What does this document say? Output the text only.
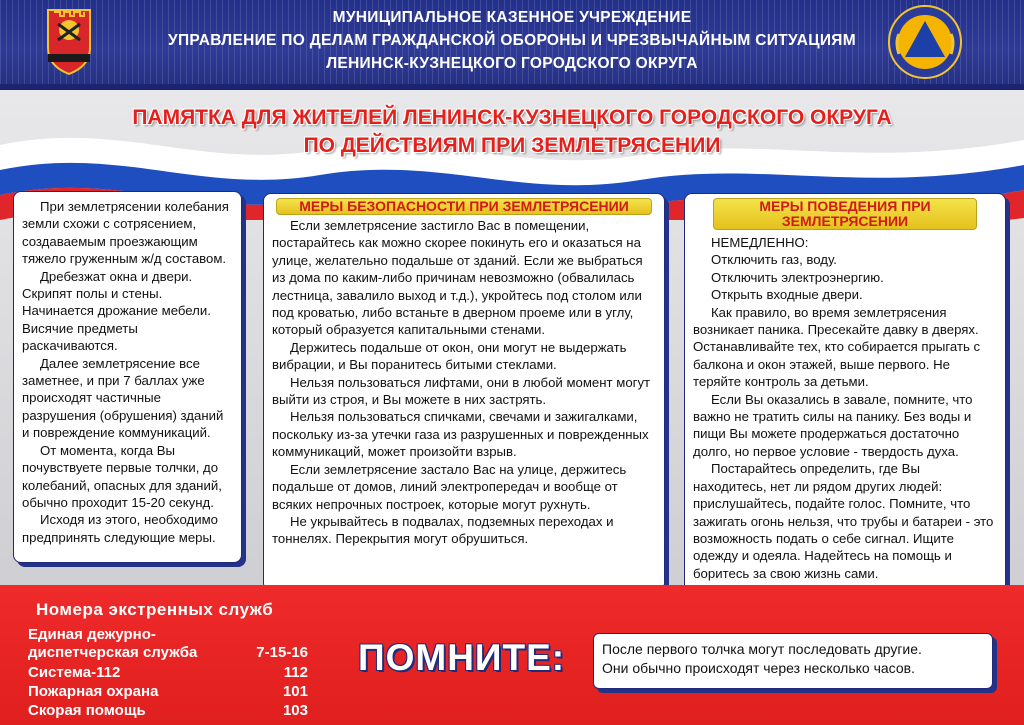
МУНИЦИПАЛЬНОЕ КАЗЕННОЕ УЧРЕЖДЕНИЕ
УПРАВЛЕНИЕ ПО ДЕЛАМ ГРАЖДАНСКОЙ ОБОРОНЫ И ЧРЕЗВЫЧАЙНЫМ СИТУАЦИЯМ
ЛЕНИНСК-КУЗНЕЦКОГО ГОРОДСКОГО ОКРУГА
ПАМЯТКА ДЛЯ ЖИТЕЛЕЙ ЛЕНИНСК-КУЗНЕЦКОГО ГОРОДСКОГО ОКРУГА
ПО ДЕЙСТВИЯМ ПРИ ЗЕМЛЕТРЯСЕНИИ

При землетрясении колебания земли схожи с сотрясением, создаваемым проезжающим тяжело груженным ж/д составом.

Дребезжат окна и двери. Скрипят полы и стены. Начинается дрожание мебели. Висячие предметы раскачиваются.

Далее землетрясение все заметнее, и при 7 баллах уже происходят частичные разрушения (обрушения) зданий и повреждение коммуникаций.

От момента, когда Вы почувствуете первые толчки, до колебаний, опасных для зданий, обычно проходит 15-20 секунд.

Исходя из этого, необходимо предпринять следующие меры.

МЕРЫ БЕЗОПАСНОСТИ ПРИ ЗЕМЛЕТРЯСЕНИИ

Если землетрясение застигло Вас в помещении, постарайтесь как можно скорее покинуть его и оказаться на улице, желательно подальше от зданий. Если же выбраться из дома по каким-либо причинам невозможно (обвалилась лестница, завалило выход и т.д.), укройтесь под столом или под кроватью, либо встаньте в дверном проеме или в углу, который образуется капитальными стенами.

Держитесь подальше от окон, они могут не выдержать вибрации, и Вы поранитесь битыми стеклами.

Нельзя пользоваться лифтами, они в любой момент могут выйти из строя, и Вы можете в них застрять.

Нельзя пользоваться спичками, свечами и зажигалками, поскольку из-за утечки газа из разрушенных и поврежденных коммуникаций, может произойти взрыв.

Если землетрясение застало Вас на улице, держитесь подальше от домов, линий электропередач и вообще от всяких непрочных построек, которые могут рухнуть.

Не укрывайтесь в подвалах, подземных переходах и тоннелях. Перекрытия могут обрушиться.

МЕРЫ ПОВЕДЕНИЯ ПРИ
ЗЕМЛЕТРЯСЕНИИ

НЕМЕДЛЕННО:

Отключить газ, воду.

Отключить электроэнергию.

Открыть входные двери.

Как правило, во время землетрясения возникает паника. Пресекайте давку в дверях. Останавливайте тех, кто собирается прыгать с балкона и окон этажей, выше первого. Не теряйте контроль за детьми.

Если Вы оказались в завале, помните, что важно не тратить силы на панику. Без воды и пищи Вы можете продержаться достаточно долго, но первое условие - твердость духа.

Постарайтесь определить, где Вы находитесь, нет ли рядом других людей: прислушайтесь, подайте голос. Помните, что зажигать огонь нельзя, что трубы и батареи - это возможность подать о себе сигнал. Ищите одежду и одеяла. Надейтесь на помощь и боритесь за свою жизнь сами.

Номера экстренных служб
Единая дежурно-
диспетчерская служба	7-15-16
Система-112	112
Пожарная охрана	101
Скорая помощь	103
ПОМНИТЕ:	После первого толчка могут последовать другие.
Они обычно происходят через несколько часов.
